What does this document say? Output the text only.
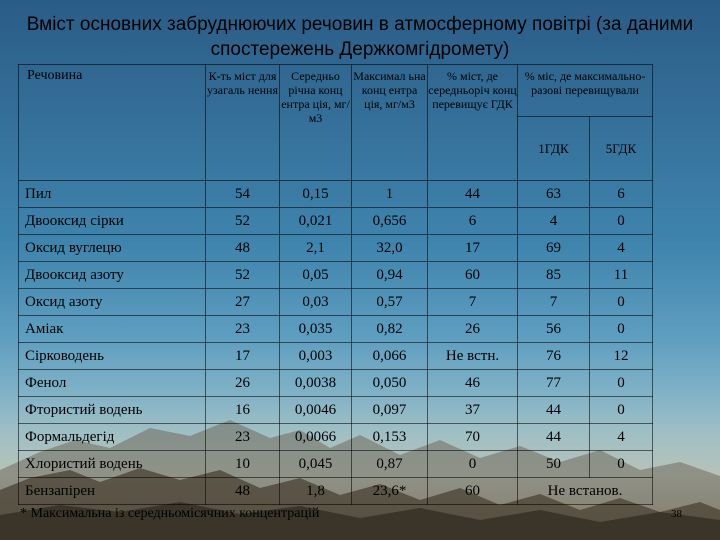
Вміст основних забруднюючих речовин в атмосферному повітрі (за даними спостережень Держкомгідромету)
Речовина	К-ть міст для узагаль нення	Середньо річна конц ентра ція, мг/м3	Максимал ьна конц ентра ція, мг/м3	% міст, де середньоріч конц перевищує ГДК	% міс, де максимально-разові перевищували	
					1ГДК	5ГДК
Пил	54	0,15	1	44	63	6
Двооксид сірки	52	0,021	0,656	6	4	0
Оксид вуглецю	48	2,1	32,0	17	69	4
Двооксид азоту	52	0,05	0,94	60	85	11
Оксид азоту	27	0,03	0,57	7	7	0
Аміак	23	0,035	0,82	26	56	0
Сірководень	17	0,003	0,066	Не встн.	76	12
Фенол	26	0,0038	0,050	46	77	0
Фтористий водень	16	0,0046	0,097	37	44	0
Формальдегід	23	0,0066	0,153	70	44	4
Хлористий водень	10	0,045	0,87	0	50	0
Бензапірен	48	1,8	23,6*	60	Не встанов.	
* Максимальна із середньомісячних концентрацій	38
